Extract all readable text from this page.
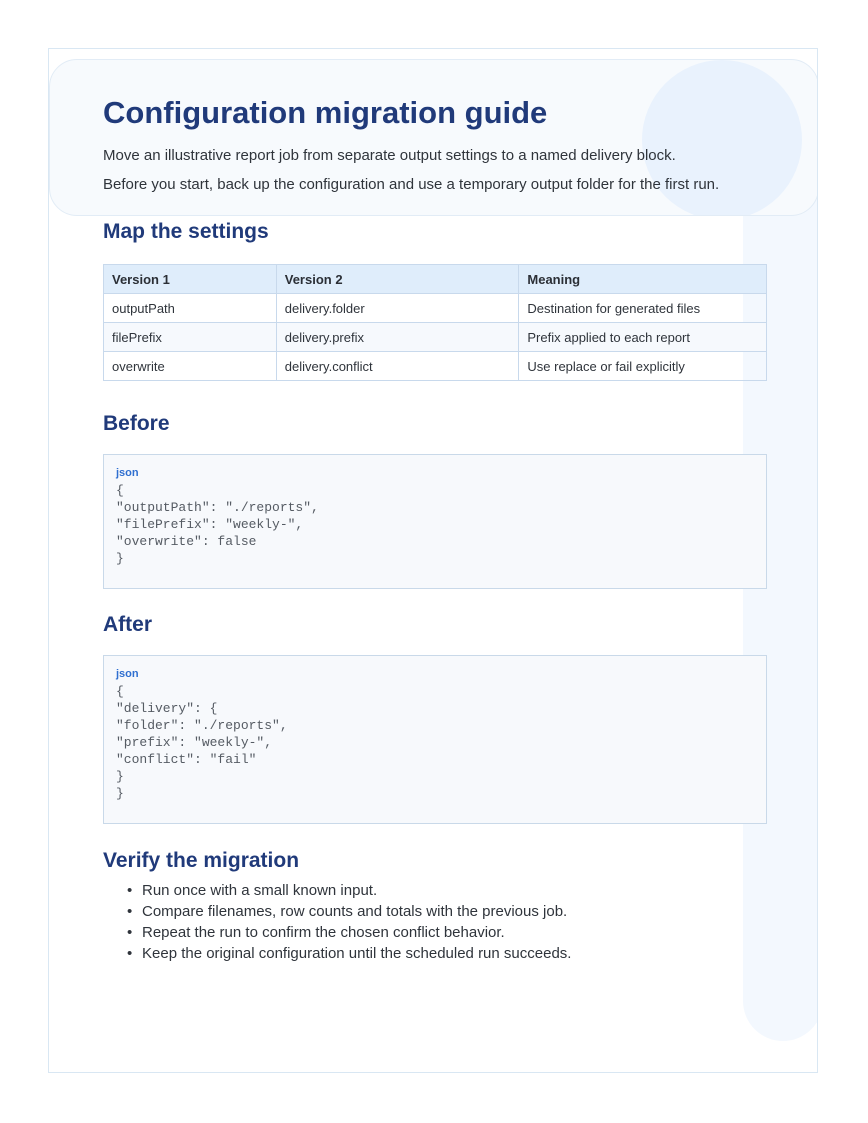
Configuration migration guide

Move an illustrative report job from separate output settings to a named delivery block.

Before you start, back up the configuration and use a temporary output folder for the first run.

Map the settings
Version 1	Version 2	Meaning
outputPath	delivery.folder	Destination for generated files
filePrefix	delivery.prefix	Prefix applied to each report
overwrite	delivery.conflict	Use replace or fail explicitly
Before
json
{
"outputPath": "./reports",
"filePrefix": "weekly-",
"overwrite": false
}
After
json
{
"delivery": {
"folder": "./reports",
"prefix": "weekly-",
"conflict": "fail"
}
}
Verify the migration
• Run once with a small known input.
• Compare filenames, row counts and totals with the previous job.
• Repeat the run to confirm the chosen conflict behavior.
• Keep the original configuration until the scheduled run succeeds.
